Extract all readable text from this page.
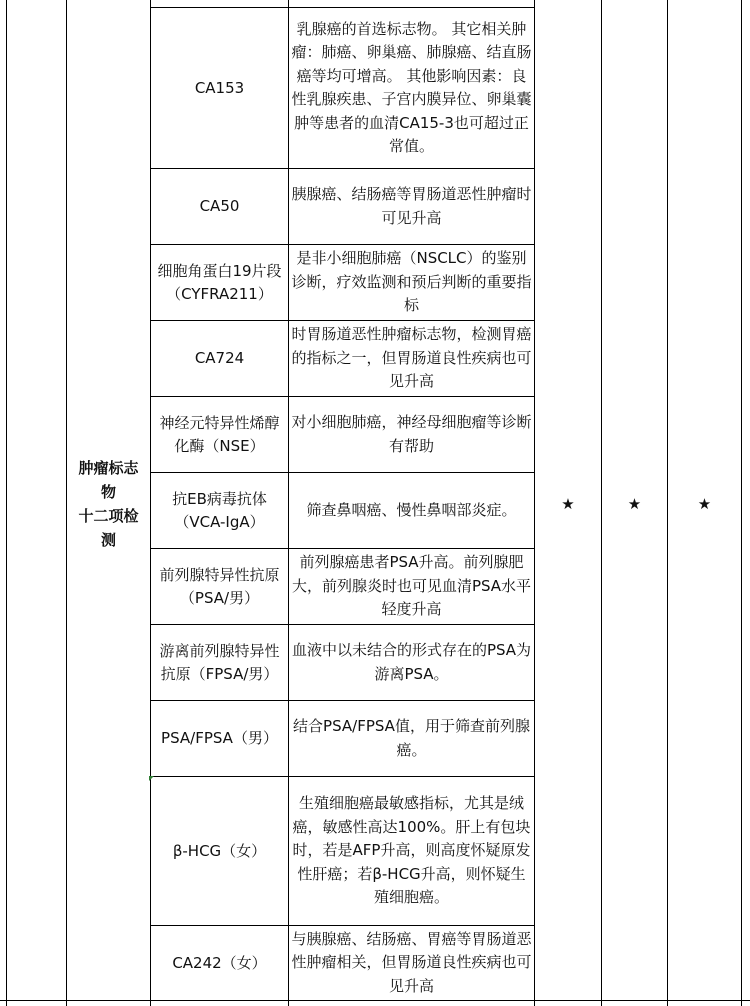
肿瘤标志
物
十二项检
测
★	★	★
CA153
乳腺癌的首选标志物。 其它相关肿瘤：肺癌、卵巢癌、肺腺癌、结直肠癌等均可增高。 其他影响因素：良性乳腺疾患、子宫内膜异位、卵巢囊肿等患者的血清CA15-3也可超过正常值。
CA50
胰腺癌、结肠癌等胃肠道恶性肿瘤时可见升高
细胞角蛋白19片段（CYFRA211）
是非小细胞肺癌（NSCLC）的鉴别诊断，疗效监测和预后判断的重要指标
CA724
时胃肠道恶性肿瘤标志物，检测胃癌的指标之一，但胃肠道良性疾病也可见升高
神经元特异性烯醇化酶（NSE）
对小细胞肺癌，神经母细胞瘤等诊断有帮助
抗EB病毒抗体（VCA-IgA）
筛查鼻咽癌、慢性鼻咽部炎症。
前列腺特异性抗原（PSA/男）
前列腺癌患者PSA升高。前列腺肥大，前列腺炎时也可见血清PSA水平轻度升高
游离前列腺特异性抗原（FPSA/男）
血液中以未结合的形式存在的PSA为游离PSA。
PSA/FPSA（男）
结合PSA/FPSA值，用于筛查前列腺癌。
β-HCG（女）
生殖细胞癌最敏感指标，尤其是绒癌，敏感性高达100%。肝上有包块时，若是AFP升高，则高度怀疑原发性肝癌；若β-HCG升高，则怀疑生殖细胞癌。
CA242（女）
与胰腺癌、结肠癌、胃癌等胃肠道恶性肿瘤相关，但胃肠道良性疾病也可见升高
